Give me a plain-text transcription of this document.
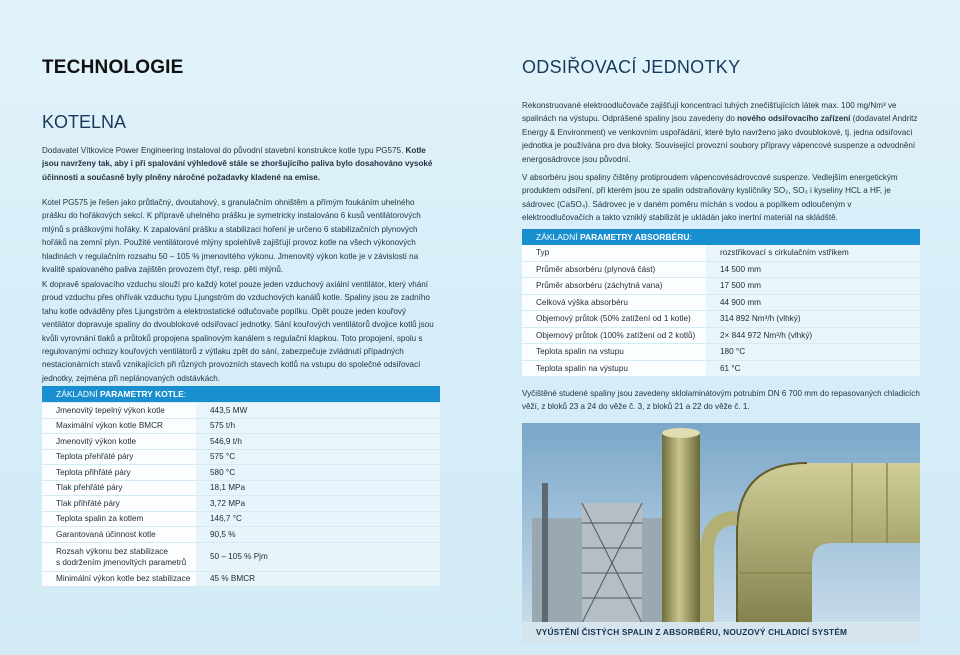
TECHNOLOGIE
KOTELNA
Dodavatel Vítkovice Power Engineering instaloval do původní stavební konstrukce kotle typu PG575. Kotle jsou navrženy tak, aby i při spalování výhledově stále se zhoršujícího paliva bylo dosahováno vysoké účinnosti a současně byly plněny náročné požadavky kladené na emise.
Kotel PG575 je řešen jako průtlačný, dvoutahový, s granulačním ohništěm a přímým foukáním uhelného prášku do hořákových sekcí. K přípravě uhelného prášku je symetricky instalováno 6 kusů ventilátorových mlýnů s práškovými hořáky. K zapalování prášku a stabilizaci hoření je určeno 6 stabilizačních plynových hořáků na zemní plyn. Použité ventilátorové mlýny spolehlivě zajišťují provoz kotle na všech výkonových hladinách v regulačním rozsahu 50 – 105 % jmenovitého výkonu. Jmenovitý výkon kotle je v závislosti na kvalitě spalovaného paliva zajištěn provozem čtyř, resp. pěti mlýnů.
K dopravě spalovacího vzduchu slouží pro každý kotel pouze jeden vzduchový axiální ventilátor, který vhání proud vzduchu přes ohřívák vzduchu typu Ljungström do vzduchových kanálů kotle. Spaliny jsou ze zadního tahu kotle odváděny přes Ljungström a elektrostatické odlučovače popílku. Opět pouze jeden kouřový ventilátor dopravuje spaliny do dvoublokové odsiřovací jednotky. Sání kouřových ventilátorů dvojice kotlů jsou kvůli vyrovnání tlaků a průtoků propojena spalinovým kanálem s regulační klapkou. Toto propojení, spolu s regulovanými ochozy kouřových ventilátorů z výtlaku zpět do sání, zabezpečuje zvládnutí případných nestacionárních stavů vznikajících při různých provozních stavech kotlů na vstupu do společné odsiřovací jednotky, zejména při neplánovaných odstávkách.
ZÁKLADNÍ PARAMETRY KOTLE:
Jmenovitý tepelný výkon kotle	443,5 MW
Maximální výkon kotle BMCR	575 t/h
Jmenovitý výkon kotle	546,9 t/h
Teplota přehřáté páry	575 °C
Teplota přihřáté páry	580 °C
Tlak přehřáté páry	18,1 MPa
Tlak přihřáté páry	3,72 MPa
Teplota spalin za kotlem	146,7 °C
Garantovaná účinnost kotle	90,5 %

Rozsah výkonu bez stabilizace
s dodržením jmenovitých parametrů	50 – 105 % Pjm
Minimální výkon kotle bez stabilizace	45 % BMCR
ODSIŘOVACÍ JEDNOTKY
Rekonstruované elektroodlučovače zajišťují koncentraci tuhých znečišťujících látek max. 100 mg/Nm³ ve spalinách na výstupu. Odprášené spaliny jsou zavedeny do nového odsiřovacího zařízení (dodavatel Andritz Energy & Environment) ve venkovním uspořádání, které bylo navrženo jako dvoublokové, tj. jedna odsiřovací jednotka je používána pro dva bloky. Související provozní soubory přípravy vápencové suspenze a odvodnění energosádrovce jsou původní.
V absorbéru jsou spaliny čištěny protiproudem vápencovésádrovcové suspenze. Vedlejším energetickým produktem odsíření, při kterém jsou ze spalin odstraňovány kysličníky SO₂, SO₃ i kyseliny HCL a HF, je sádrovec (CaSO₄). Sádrovec je v daném poměru míchán s vodou a popílkem odloučeným v elektroodlučovačích a takto vzniklý stabilizát je ukládán jako inertní materiál na skládště.
ZÁKLADNÍ PARAMETRY ABSORBÉRU:
Typ	rozstřikovací s cirkulačním vstřikem
Průměr absorbéru (plynová část)	14 500 mm
Průměr absorbéru (záchytná vana)	17 500 mm
Celková výška absorbéru	44 900 mm
Objemový průtok (50% zatížení od 1 kotle)	314 892 Nm³/h (vlhký)
Objemový průtok (100% zatížení od 2 kotlů)	2× 844 972 Nm³/h (vlhký)
Teplota spalin na vstupu	180 °C
Teplota spalin na výstupu	61 °C
Vyčištěné studené spaliny jsou zavedeny sklolaminátovým potrubím DN 6 700 mm do repasovaných chladicích věží, z bloků 23 a 24 do věže č. 3, z bloků 21 a 22 do věže č. 1.
VYÚSTĚNÍ ČISTÝCH SPALIN Z ABSORBÉRU, NOUZOVÝ CHLADICÍ SYSTÉM
